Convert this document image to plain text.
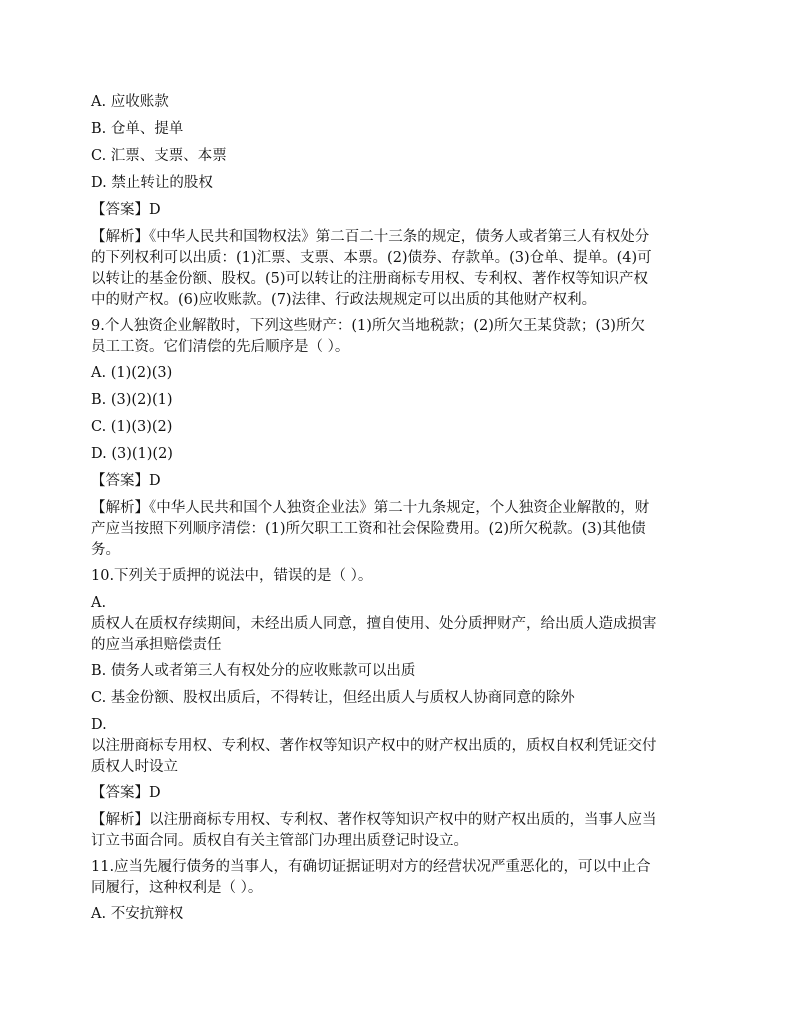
A. 应收账款
B. 仓单、提单
C. 汇票、支票、本票
D. 禁止转让的股权
【答案】D
【解析】《中华人民共和国物权法》第二百二十三条的规定，债务人或者第三人有权处分
的下列权利可以出质：(1)汇票、支票、本票。(2)债券、存款单。(3)仓单、提单。(4)可
以转让的基金份额、股权。(5)可以转让的注册商标专用权、专利权、著作权等知识产权
中的财产权。(6)应收账款。(7)法律、行政法规规定可以出质的其他财产权利。
9.个人独资企业解散时，下列这些财产：(1)所欠当地税款；(2)所欠王某贷款；(3)所欠
员工工资。它们清偿的先后顺序是（ ）。
A. (1)(2)(3)
B. (3)(2)(1)
C. (1)(3)(2)
D. (3)(1)(2)
【答案】D
【解析】《中华人民共和国个人独资企业法》第二十九条规定，个人独资企业解散的，财
产应当按照下列顺序清偿：(1)所欠职工工资和社会保险费用。(2)所欠税款。(3)其他债
务。
10.下列关于质押的说法中，错误的是（ ）。
A.
质权人在质权存续期间，未经出质人同意，擅自使用、处分质押财产，给出质人造成损害
的应当承担赔偿责任
B. 债务人或者第三人有权处分的应收账款可以出质
C. 基金份额、股权出质后，不得转让，但经出质人与质权人协商同意的除外
D.
以注册商标专用权、专利权、著作权等知识产权中的财产权出质的，质权自权利凭证交付
质权人时设立
【答案】D
【解析】以注册商标专用权、专利权、著作权等知识产权中的财产权出质的，当事人应当
订立书面合同。质权自有关主管部门办理出质登记时设立。
11.应当先履行债务的当事人，有确切证据证明对方的经营状况严重恶化的，可以中止合
同履行，这种权利是（ ）。
A. 不安抗辩权
